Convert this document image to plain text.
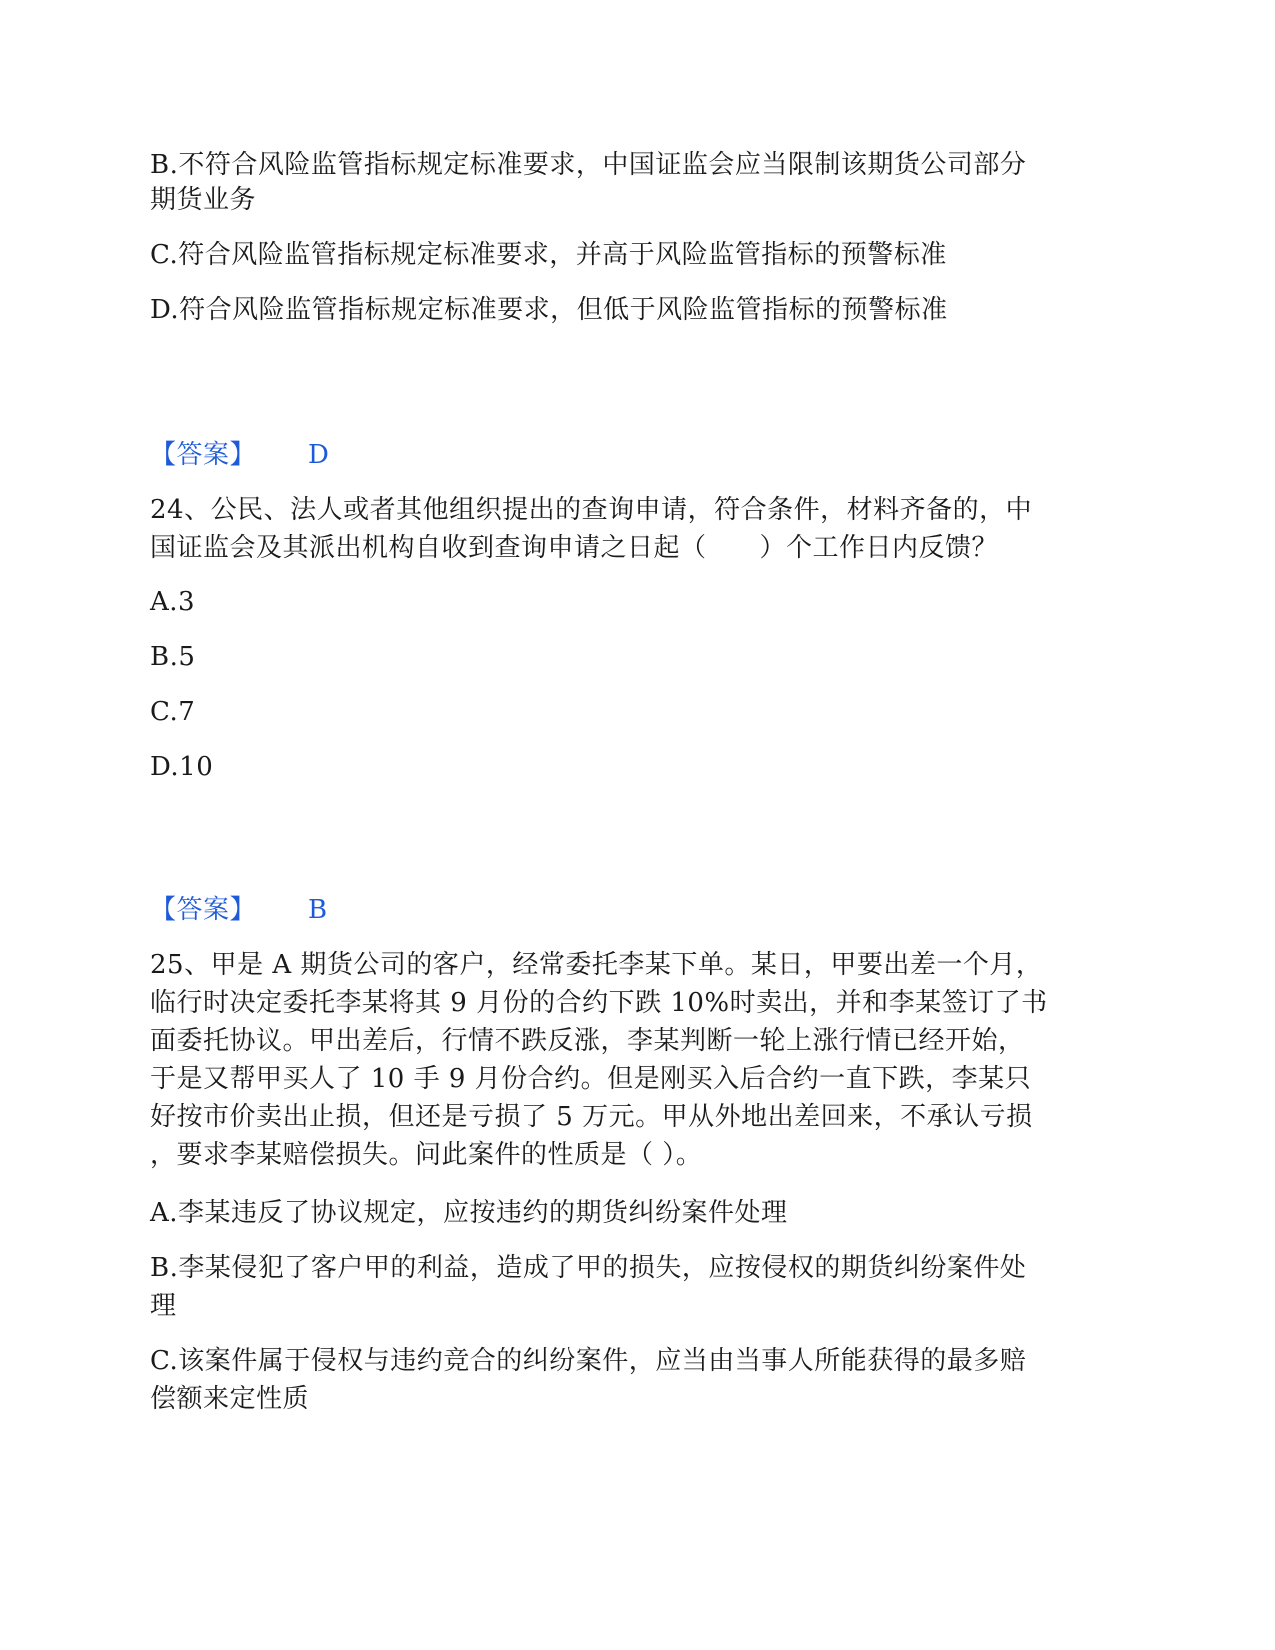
B.不符合风险监管指标规定标准要求，中国证监会应当限制该期货公司部分
期货业务
C.符合风险监管指标规定标准要求，并高于风险监管指标的预警标准
D.符合风险监管指标规定标准要求，但低于风险监管指标的预警标准
【答案】 D
24、公民、法人或者其他组织提出的查询申请，符合条件，材料齐备的，中
国证监会及其派出机构自收到查询申请之日起（　　）个工作日内反馈？
A.3
B.5
C.7
D.10
【答案】 B
25、甲是 A 期货公司的客户，经常委托李某下单。某日，甲要出差一个月，
临行时决定委托李某将其 9 月份的合约下跌 10%时卖出，并和李某签订了书
面委托协议。甲出差后，行情不跌反涨，李某判断一轮上涨行情已经开始，
于是又帮甲买人了 10 手 9 月份合约。但是刚买入后合约一直下跌，李某只
好按市价卖出止损，但还是亏损了 5 万元。甲从外地出差回来，不承认亏损
，要求李某赔偿损失。问此案件的性质是（ ）。
A.李某违反了协议规定，应按违约的期货纠纷案件处理
B.李某侵犯了客户甲的利益，造成了甲的损失，应按侵权的期货纠纷案件处
理
C.该案件属于侵权与违约竞合的纠纷案件，应当由当事人所能获得的最多赔
偿额来定性质
